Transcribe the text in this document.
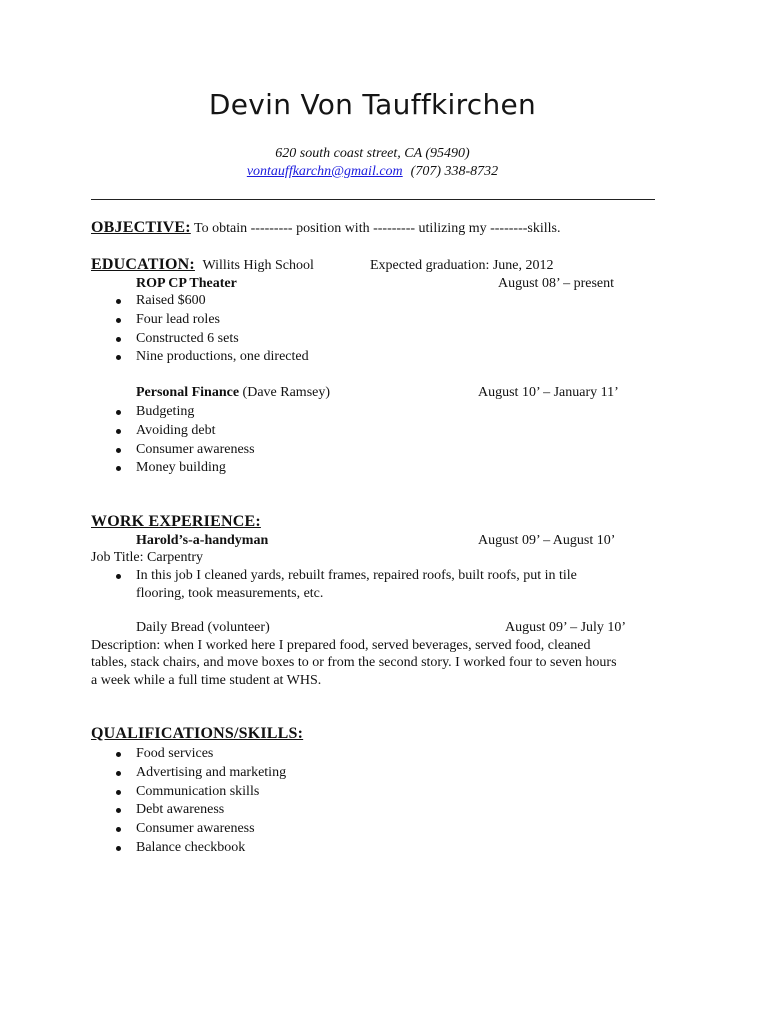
Devin Von Tauffkirchen
620 south coast street, CA (95490)
vontauffkarchn@gmail.com (707) 338-8732
OBJECTIVE: To obtain --------- position with --------- utilizing my --------skills.
EDUCATION: Willits High School	Expected graduation: June, 2012
ROP CP Theater	August 08’ – present
Raised $600
Four lead roles
Constructed 6 sets
Nine productions, one directed
Personal Finance (Dave Ramsey)	August 10’ – January 11’
Budgeting
Avoiding debt
Consumer awareness
Money building
WORK EXPERIENCE:
Harold’s-a-handyman	August 09’ – August 10’
Job Title: Carpentry
In this job I cleaned yards, rebuilt frames, repaired roofs, built roofs, put in tile
flooring, took measurements, etc.
Daily Bread (volunteer)	August 09’ – July 10’
Description: when I worked here I prepared food, served beverages, served food, cleaned
tables, stack chairs, and move boxes to or from the second story. I worked four to seven hours
a week while a full time student at WHS.
QUALIFICATIONS/SKILLS:
Food services
Advertising and marketing
Communication skills
Debt awareness
Consumer awareness
Balance checkbook
